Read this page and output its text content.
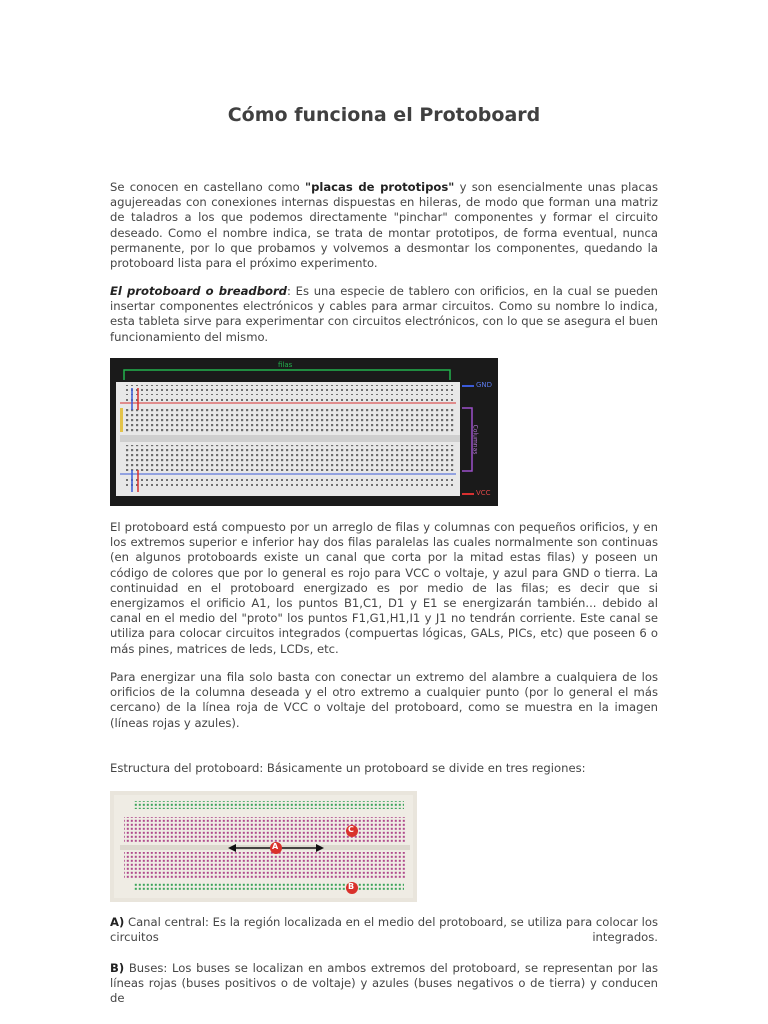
Cómo funciona el Protoboard

Se conocen en castellano como "placas de prototipos" y son esencialmente unas placas agujereadas con conexiones internas dispuestas en hileras, de modo que forman una matriz de taladros a los que podemos directamente "pinchar" componentes y formar el circuito deseado. Como el nombre indica, se trata de montar prototipos, de forma eventual, nunca permanente, por lo que probamos y volvemos a desmontar los componentes, quedando la protoboard lista para el próximo experimento.

El protoboard o breadbord: Es una especie de tablero con orificios, en la cual se pueden insertar componentes electrónicos y cables para armar circuitos. Como su nombre lo indica, esta tableta sirve para experimentar con circuitos electrónicos, con lo que se asegura el buen funcionamiento del mismo.

filas
GND
Columnas
VCC

El protoboard está compuesto por un arreglo de filas y columnas con pequeños orificios, y en los extremos superior e inferior hay dos filas paralelas las cuales normalmente son continuas (en algunos protoboards existe un canal que corta por la mitad estas filas) y poseen un código de colores que por lo general es rojo para VCC o voltaje, y azul para GND o tierra. La continuidad en el protoboard energizado es por medio de las filas; es decir que si energizamos el orificio A1, los puntos B1,C1, D1 y E1 se energizarán también... debido al canal en el medio del "proto" los puntos F1,G1,H1,I1 y J1 no tendrán corriente. Este canal se utiliza para colocar circuitos integrados (compuertas lógicas, GALs, PICs, etc) que poseen 6 o más pines, matrices de leds, LCDs, etc.

Para energizar una fila solo basta con conectar un extremo del alambre a cualquiera de los orificios de la columna deseada y el otro extremo a cualquier punto (por lo general el más cercano) de la línea roja de VCC o voltaje del protoboard, como se muestra en la imagen (líneas rojas y azules).

Estructura del protoboard: Básicamente un protoboard se divide en tres regiones:

A
C
B

A) Canal central: Es la región localizada en el medio del protoboard, se utiliza para colocar los circuitos integrados.

B) Buses: Los buses se localizan en ambos extremos del protoboard, se representan por las líneas rojas (buses positivos o de voltaje) y azules (buses negativos o de tierra) y conducen de
